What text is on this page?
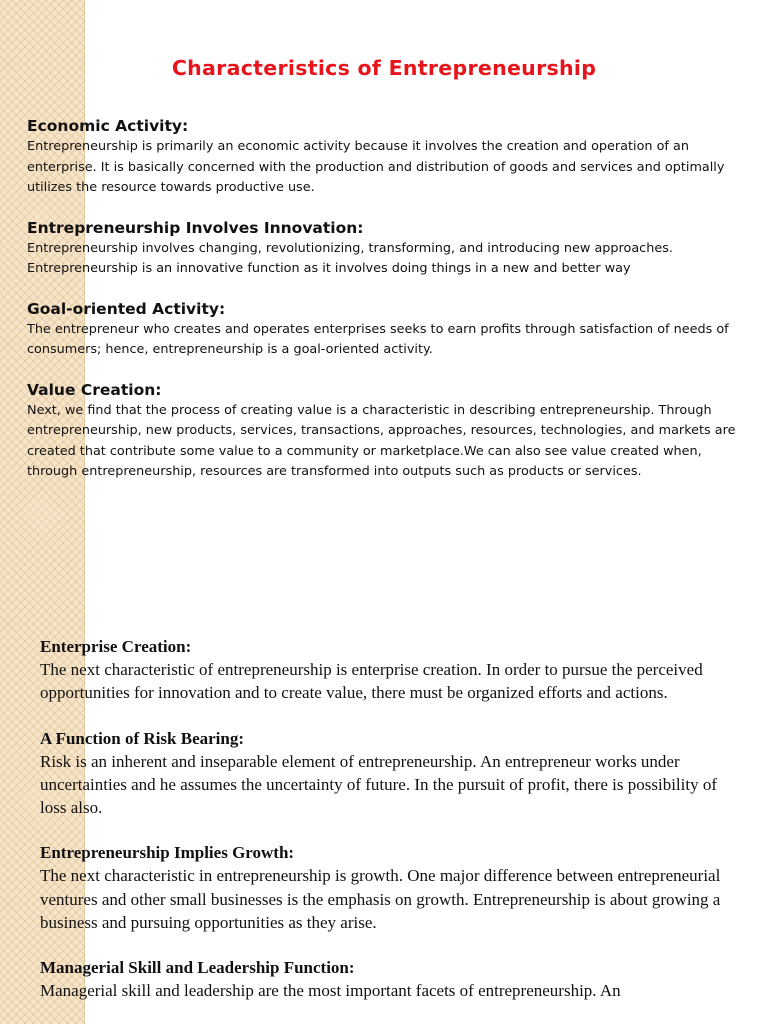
Characteristics of Entrepreneurship
Economic Activity:

Entrepreneurship is primarily an economic activity because it involves the creation and operation of an enterprise. It is basically concerned with the production and distribution of goods and services and optimally utilizes the resource towards productive use.

Entrepreneurship Involves Innovation:

Entrepreneurship involves changing, revolutionizing, transforming, and introducing new approaches. Entrepreneurship is an innovative function as it involves doing things in a new and better way

Goal-oriented Activity:

The entrepreneur who creates and operates enterprises seeks to earn profits through satisfaction of needs of consumers; hence, entrepreneurship is a goal-oriented activity.

Value Creation:

Next, we find that the process of creating value is a characteristic in describing entrepreneurship. Through entrepreneurship, new products, services, transactions, approaches, resources, technologies, and markets are created that contribute some value to a community or marketplace.We can also see value created when, through entrepreneurship, resources are transformed into outputs such as products or services.

Enterprise Creation:

The next characteristic of entrepreneurship is enterprise creation. In order to pursue the perceived opportunities for innovation and to create value, there must be organized efforts and actions.

A Function of Risk Bearing:

Risk is an inherent and inseparable element of entrepreneurship. An entrepreneur works under uncertainties and he assumes the uncertainty of future. In the pursuit of profit, there is possibility of loss also.

Entrepreneurship Implies Growth:

The next characteristic in entrepreneurship is growth. One major difference between entrepreneurial ventures and other small businesses is the emphasis on growth. Entrepreneurship is about growing a business and pursuing opportunities as they arise.

Managerial Skill and Leadership Function:

Managerial skill and leadership are the most important facets of entrepreneurship. An
